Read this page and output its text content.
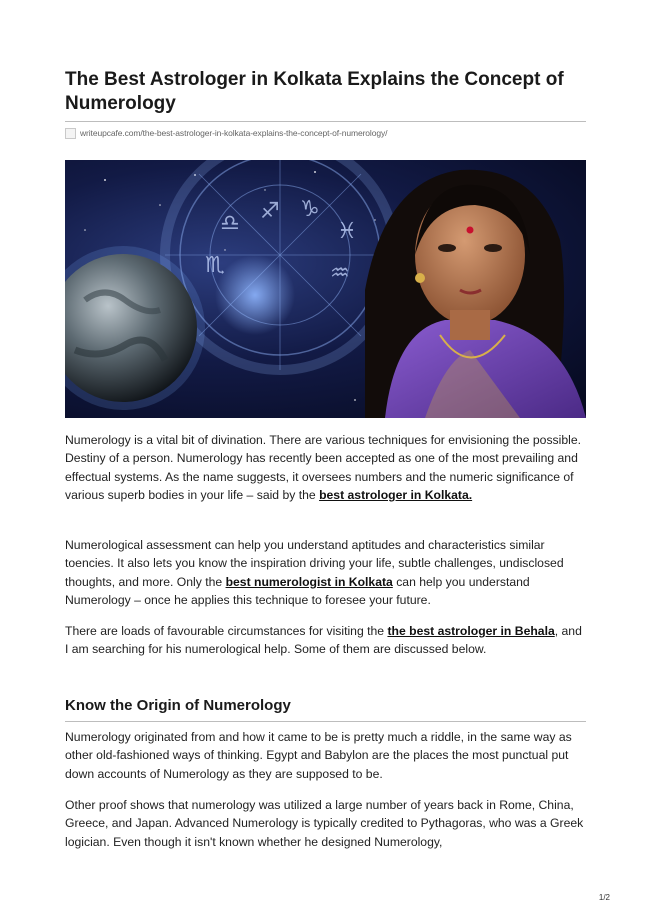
The Best Astrologer in Kolkata Explains the Concept of Numerology
writeupcafe.com/the-best-astrologer-in-kolkata-explains-the-concept-of-numerology/
♎ ♐ ♑
♓
♏	♒

Numerology is a vital bit of divination. There are various techniques for envisioning the possible. Destiny of a person. Numerology has recently been accepted as one of the most prevailing and effectual systems. As the name suggests, it oversees numbers and the numeric significance of various superb bodies in your life – said by the best astrologer in Kolkata.

Numerological assessment can help you understand aptitudes and characteristics similar toencies. It also lets you know the inspiration driving your life, subtle challenges, undisclosed thoughts, and more. Only the best numerologist in Kolkata can help you understand Numerology – once he applies this technique to foresee your future.

There are loads of favourable circumstances for visiting the the best astrologer in Behala, and I am searching for his numerological help. Some of them are discussed below.

Know the Origin of Numerology

Numerology originated from and how it came to be is pretty much a riddle, in the same way as other old-fashioned ways of thinking. Egypt and Babylon are the places the most punctual put down accounts of Numerology as they are supposed to be.

Other proof shows that numerology was utilized a large number of years back in Rome, China, Greece, and Japan. Advanced Numerology is typically credited to Pythagoras, who was a Greek logician. Even though it isn't known whether he designed Numerology,

1/2
